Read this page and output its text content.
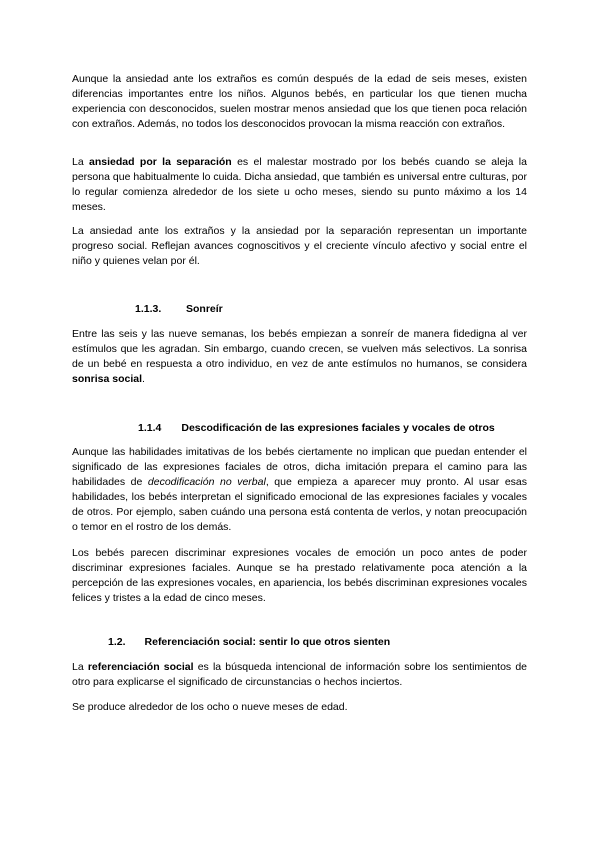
Aunque la ansiedad ante los extraños es común después de la edad de seis meses, existen diferencias importantes entre los niños. Algunos bebés, en particular los que tienen mucha experiencia con desconocidos, suelen mostrar menos ansiedad que los que tienen poca relación con extraños. Además, no todos los desconocidos provocan la misma reacción con extraños.

La ansiedad por la separación es el malestar mostrado por los bebés cuando se aleja la persona que habitualmente lo cuida. Dicha ansiedad, que también es universal entre culturas, por lo regular comienza alrededor de los siete u ocho meses, siendo su punto máximo a los 14 meses.

La ansiedad ante los extraños y la ansiedad por la separación representan un importante progreso social. Reflejan avances cognoscitivos y el creciente vínculo afectivo y social entre el niño y quienes velan por él.

1.1.3. Sonreír

Entre las seis y las nueve semanas, los bebés empiezan a sonreír de manera fidedigna al ver estímulos que les agradan. Sin embargo, cuando crecen, se vuelven más selectivos. La sonrisa de un bebé en respuesta a otro individuo, en vez de ante estímulos no humanos, se considera sonrisa social.

1.1.4 Descodificación de las expresiones faciales y vocales de otros

Aunque las habilidades imitativas de los bebés ciertamente no implican que puedan entender el significado de las expresiones faciales de otros, dicha imitación prepara el camino para las habilidades de decodificación no verbal, que empieza a aparecer muy pronto. Al usar esas habilidades, los bebés interpretan el significado emocional de las expresiones faciales y vocales de otros. Por ejemplo, saben cuándo una persona está contenta de verlos, y notan preocupación o temor en el rostro de los demás.

Los bebés parecen discriminar expresiones vocales de emoción un poco antes de poder discriminar expresiones faciales. Aunque se ha prestado relativamente poca atención a la percepción de las expresiones vocales, en apariencia, los bebés discriminan expresiones vocales felices y tristes a la edad de cinco meses.

1.2. Referenciación social: sentir lo que otros sienten

La referenciación social es la búsqueda intencional de información sobre los sentimientos de otro para explicarse el significado de circunstancias o hechos inciertos.

Se produce alrededor de los ocho o nueve meses de edad.
